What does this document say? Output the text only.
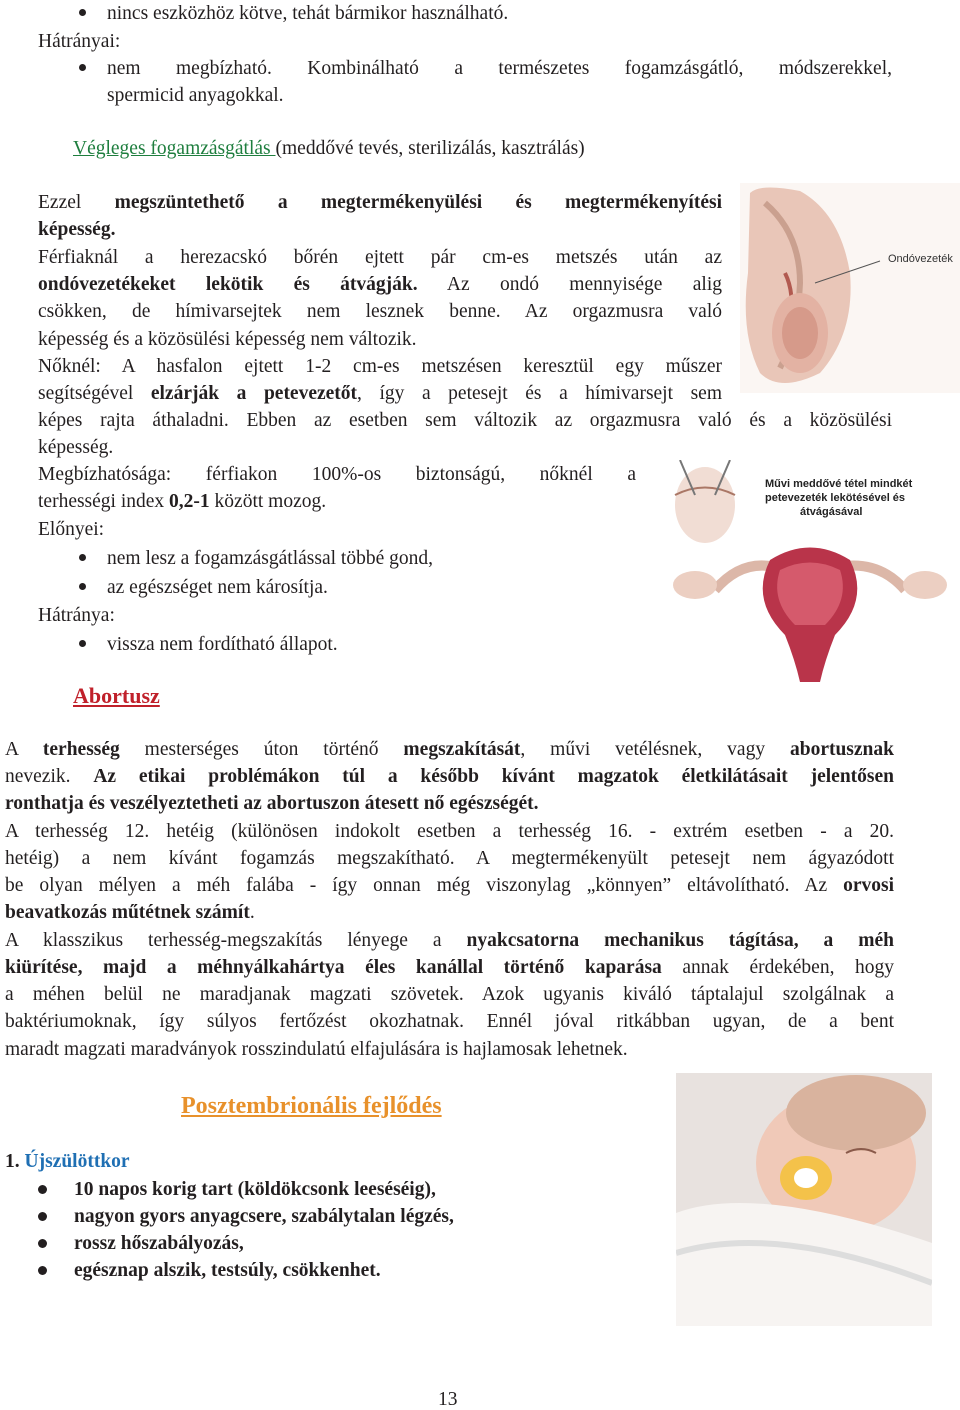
nincs eszközhöz kötve, tehát bármikor használható.
Hátrányai:
nem megbízható. Kombinálható a természetes fogamzásgátló, módszerekkel,
spermicid anyagokkal.
Végleges fogamzásgátlás (meddővé tevés, sterilizálás, kasztrálás)
Ondóvezeték
Ezzel megszüntethető a megtermékenyülési és megtermékenyítési
képesség.
Férfiaknál a herezacskó bőrén ejtett pár cm-es metszés után az
ondóvezetékeket lekötik és átvágják. Az ondó mennyisége alig
csökken, de hímivarsejtek nem lesznek benne. Az orgazmusra való
képesség és a közösülési képesség nem változik.
Nőknél: A hasfalon ejtett 1-2 cm-es metszésen keresztül egy műszer
segítségével elzárják a petevezetőt, így a petesejt és a hímivarsejt sem
képes rajta áthaladni. Ebben az esetben sem változik az orgazmusra való és a közösülési
képesség.
Megbízhatósága: férfiakon 100%-os biztonságú, nőknél a
terhességi index 0,2-1 között mozog.
Előnyei:
nem lesz a fogamzásgátlással többé gond,
az egészséget nem károsítja.
Hátránya:
vissza nem fordítható állapot.
Művi meddővé tétel mindkét
petevezeték lekötésével és
átvágásával
Abortusz
A terhesség mesterséges úton történő megszakítását, művi vetélésnek, vagy abortusznak
nevezik. Az etikai problémákon túl a később kívánt magzatok életkilátásait jelentősen
ronthatja és veszélyeztetheti az abortuszon átesett nő egészségét.
A terhesség 12. hetéig (különösen indokolt esetben a terhesség 16. - extrém esetben - a 20.
hetéig) a nem kívánt fogamzás megszakítható. A megtermékenyült petesejt nem ágyazódott
be olyan mélyen a méh falába - így onnan még viszonylag „könnyen” eltávolítható. Az orvosi
beavatkozás műtétnek számít.
A klasszikus terhesség-megszakítás lényege a nyakcsatorna mechanikus tágítása, a méh
kiürítése, majd a méhnyálkahártya éles kanállal történő kaparása annak érdekében, hogy
a méhen belül ne maradjanak magzati szövetek. Azok ugyanis kiváló táptalajul szolgálnak a
baktériumoknak, így súlyos fertőzést okozhatnak. Ennél jóval ritkábban ugyan, de a bent
maradt magzati maradványok rosszindulatú elfajulására is hajlamosak lehetnek.
Posztembrionális fejlődés
1. Újszülöttkor
10 napos korig tart (köldökcsonk leeséséig),
nagyon gyors anyagcsere, szabálytalan légzés,
rossz hőszabályozás,
egésznap alszik, testsúly, csökkenhet.
13
